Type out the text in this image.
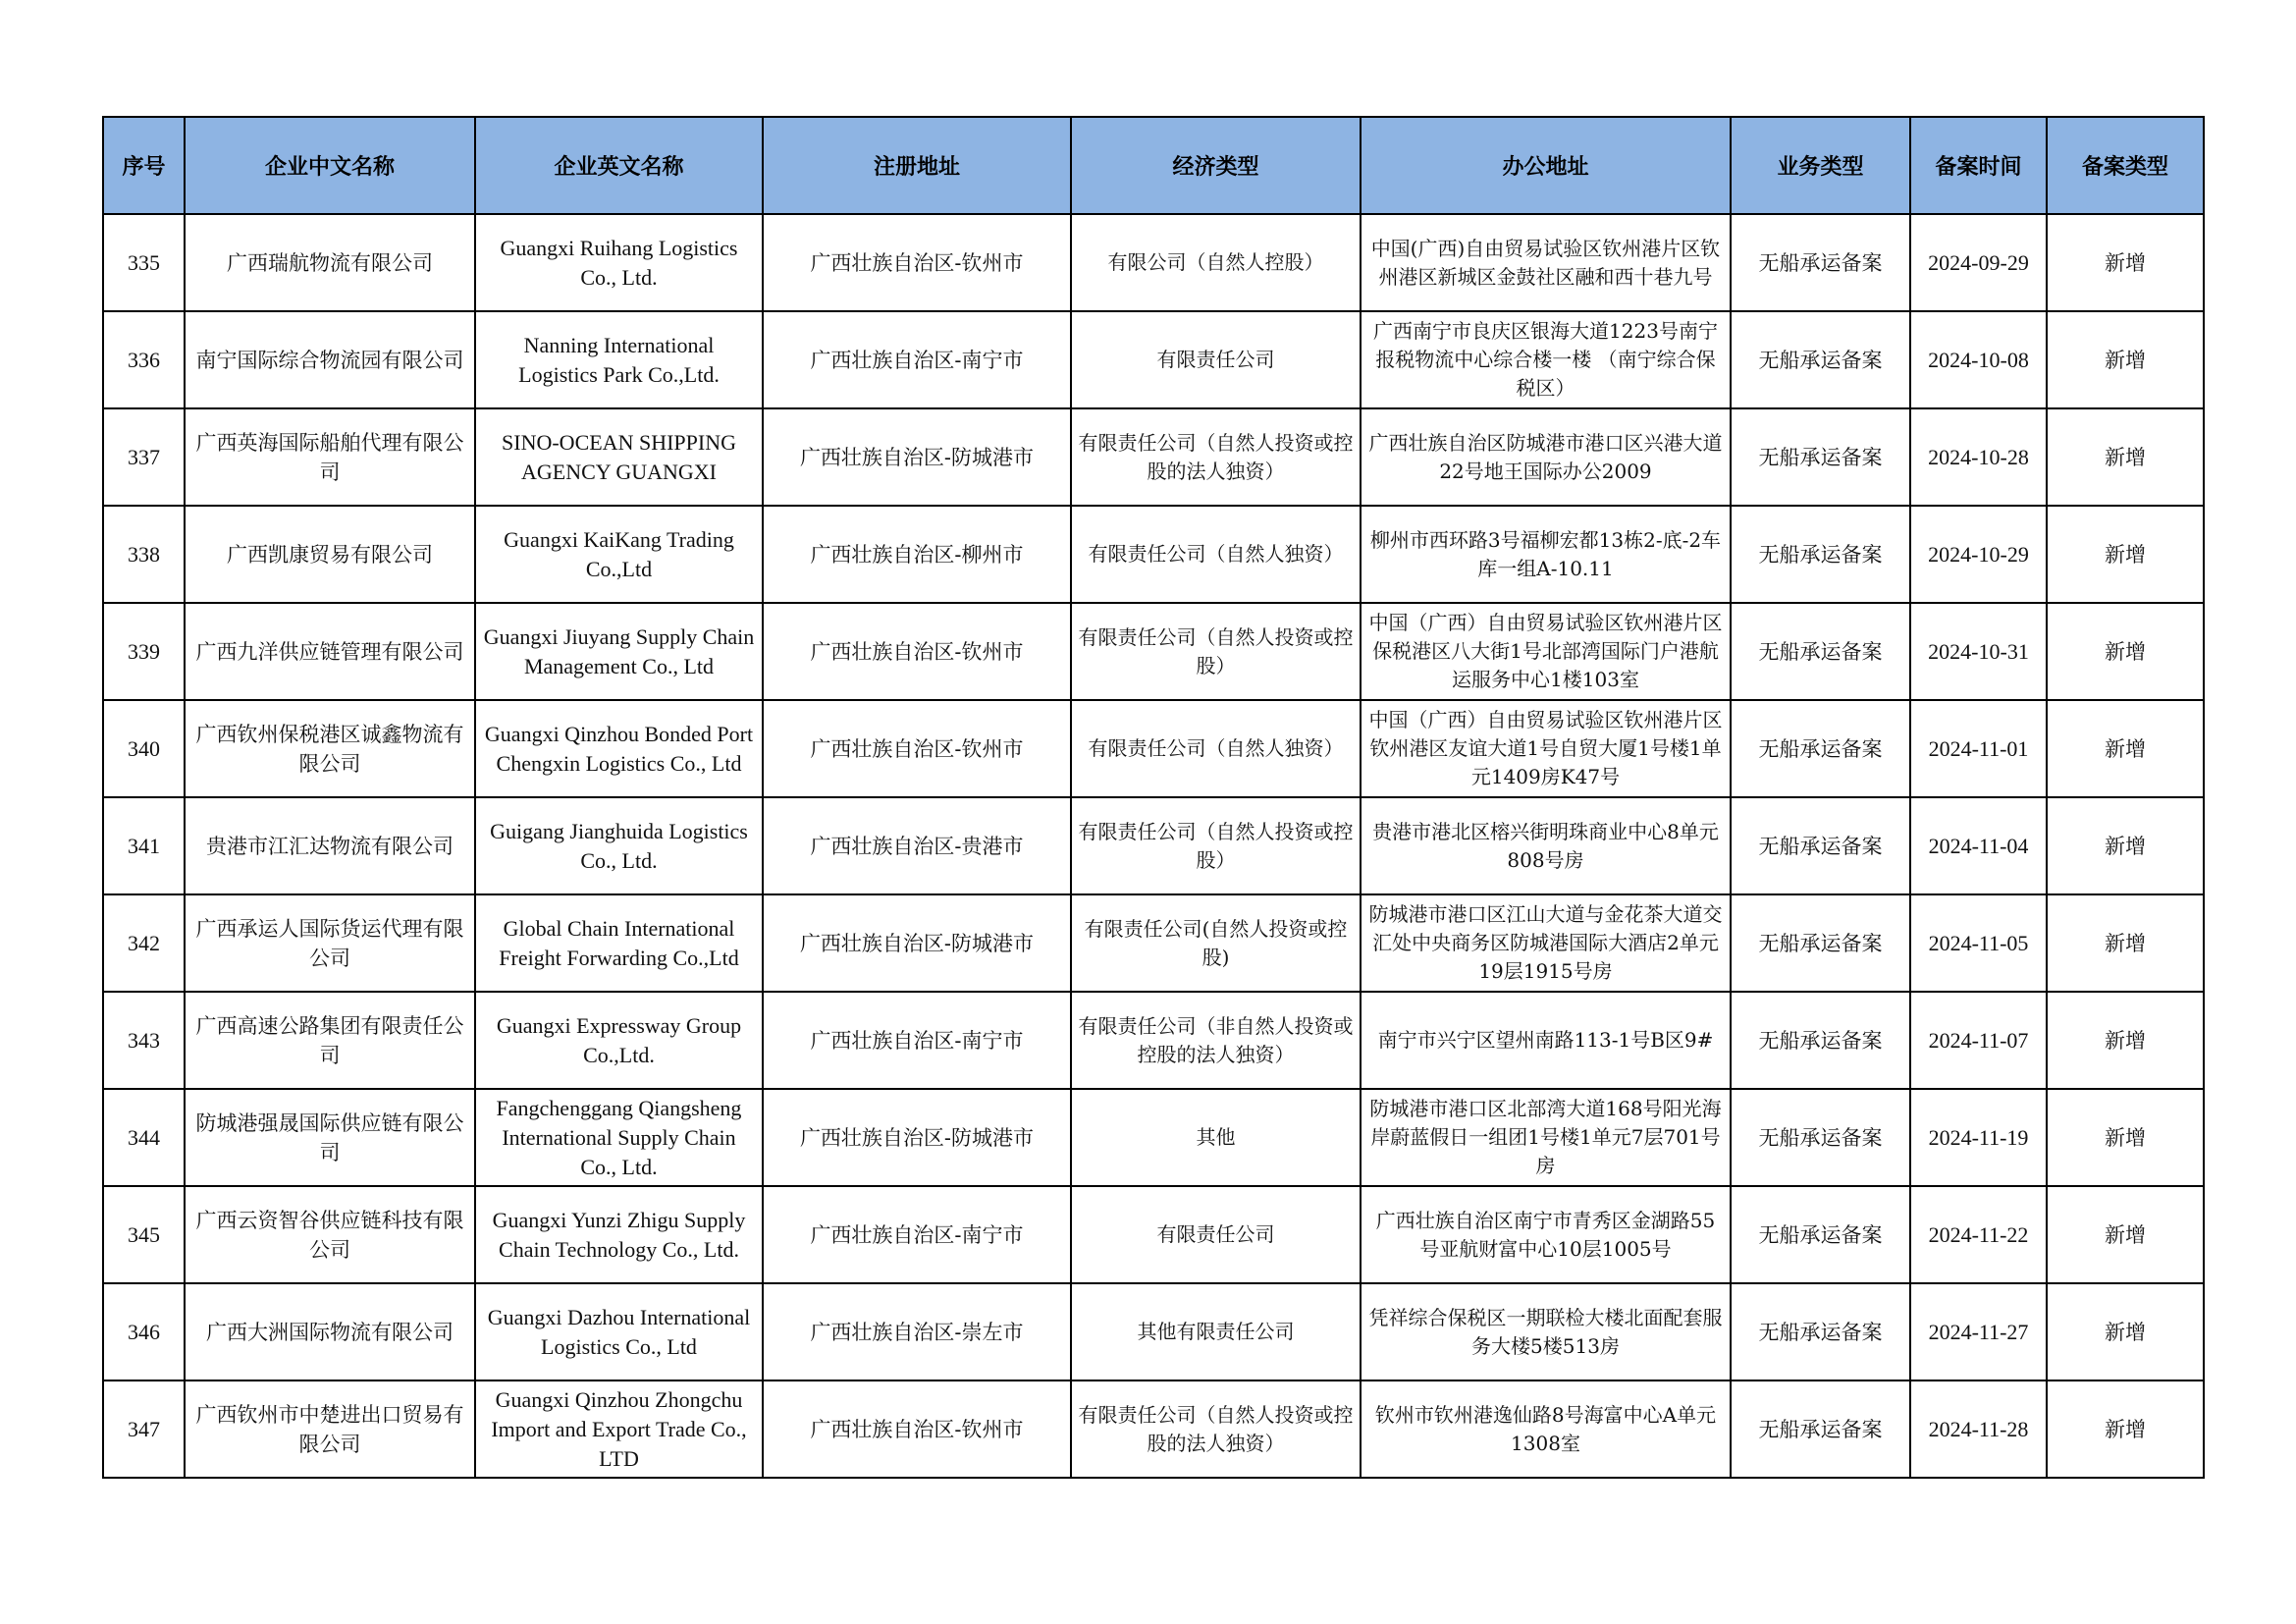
序号	企业中文名称	企业英文名称	注册地址	经济类型	办公地址	业务类型	备案时间	备案类型
335	广西瑞航物流有限公司	Guangxi Ruihang Logistics Co., Ltd.	广西壮族自治区-钦州市	有限公司（自然人控股）	中国(广西)自由贸易试验区钦州港片区钦州港区新城区金鼓社区融和西十巷九号	无船承运备案	2024-09-29	新增
336	南宁国际综合物流园有限公司	Nanning International Logistics Park Co.,Ltd.	广西壮族自治区-南宁市	有限责任公司	广西南宁市良庆区银海大道1223号南宁报税物流中心综合楼一楼 （南宁综合保税区）	无船承运备案	2024-10-08	新增
337	广西英海国际船舶代理有限公司	SINO-OCEAN SHIPPING AGENCY GUANGXI	广西壮族自治区-防城港市	有限责任公司（自然人投资或控股的法人独资）	广西壮族自治区防城港市港口区兴港大道22号地王国际办公2009	无船承运备案	2024-10-28	新增
338	广西凯康贸易有限公司	Guangxi KaiKang Trading Co.,Ltd	广西壮族自治区-柳州市	有限责任公司（自然人独资）	柳州市西环路3号福柳宏都13栋2-底-2车库一组A-10.11	无船承运备案	2024-10-29	新增
339	广西九洋供应链管理有限公司	Guangxi Jiuyang Supply Chain Management Co., Ltd	广西壮族自治区-钦州市	有限责任公司（自然人投资或控股）	中国（广西）自由贸易试验区钦州港片区保税港区八大街1号北部湾国际门户港航运服务中心1楼103室	无船承运备案	2024-10-31	新增
340	广西钦州保税港区诚鑫物流有限公司	Guangxi Qinzhou Bonded Port Chengxin Logistics Co., Ltd	广西壮族自治区-钦州市	有限责任公司（自然人独资）	中国（广西）自由贸易试验区钦州港片区钦州港区友谊大道1号自贸大厦1号楼1单元1409房K47号	无船承运备案	2024-11-01	新增
341	贵港市江汇达物流有限公司	Guigang Jianghuida Logistics Co., Ltd.	广西壮族自治区-贵港市	有限责任公司（自然人投资或控股）	贵港市港北区榕兴街明珠商业中心8单元808号房	无船承运备案	2024-11-04	新增
342	广西承运人国际货运代理有限公司	Global Chain International Freight Forwarding Co.,Ltd	广西壮族自治区-防城港市	有限责任公司(自然人投资或控股)	防城港市港口区江山大道与金花茶大道交汇处中央商务区防城港国际大酒店2单元19层1915号房	无船承运备案	2024-11-05	新增
343	广西高速公路集团有限责任公司	Guangxi Expressway Group Co.,Ltd.	广西壮族自治区-南宁市	有限责任公司（非自然人投资或控股的法人独资）	南宁市兴宁区望州南路113-1号B区9#	无船承运备案	2024-11-07	新增
344	防城港强晟国际供应链有限公司	Fangchenggang Qiangsheng International Supply Chain Co., Ltd.	广西壮族自治区-防城港市	其他	防城港市港口区北部湾大道168号阳光海岸蔚蓝假日一组团1号楼1单元7层701号房	无船承运备案	2024-11-19	新增
345	广西云资智谷供应链科技有限公司	Guangxi Yunzi Zhigu Supply Chain Technology Co., Ltd.	广西壮族自治区-南宁市	有限责任公司	广西壮族自治区南宁市青秀区金湖路55号亚航财富中心10层1005号	无船承运备案	2024-11-22	新增
346	广西大洲国际物流有限公司	Guangxi Dazhou International Logistics Co., Ltd	广西壮族自治区-崇左市	其他有限责任公司	凭祥综合保税区一期联检大楼北面配套服务大楼5楼513房	无船承运备案	2024-11-27	新增
347	广西钦州市中楚进出口贸易有限公司	Guangxi Qinzhou Zhongchu Import and Export Trade Co., LTD	广西壮族自治区-钦州市	有限责任公司（自然人投资或控股的法人独资）	钦州市钦州港逸仙路8号海富中心A单元1308室	无船承运备案	2024-11-28	新增
